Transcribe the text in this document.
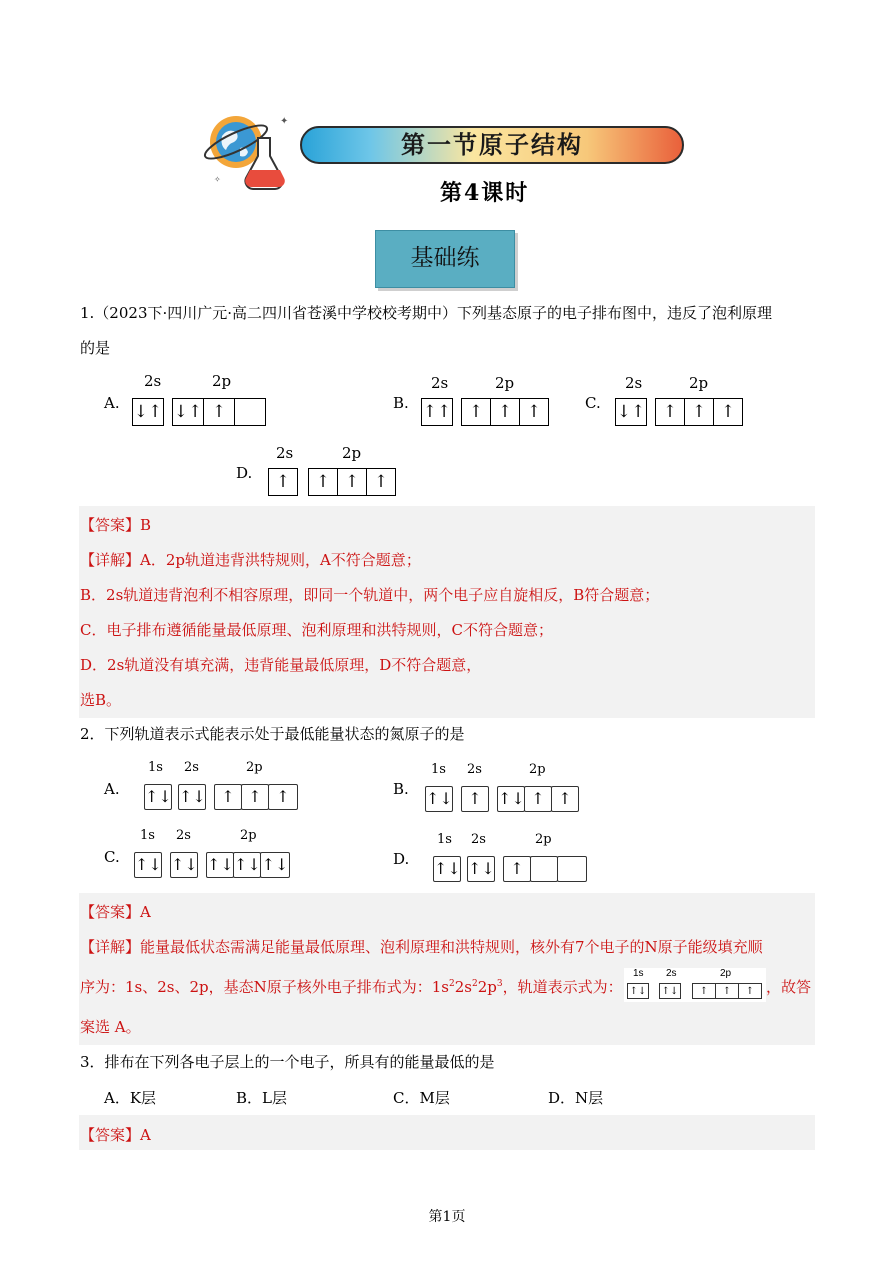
✦
✧
第一节原子结构
第4课时
基础练
1.（2023下·四川广元·高二四川省苍溪中学校校考期中）下列基态原子的电子排布图中，违反了泡利原理
的是
A.
2s	2p
↓↑ ↓↑ ↑	B.
2s	2p
↑↑	↑ ↑ ↑	C.
2s	2p
↓↑	↑ ↑ ↑
D.
2s	2p
↑	↑ ↑ ↑
【答案】B
【详解】A．2p轨道违背洪特规则，A不符合题意；
B．2s轨道违背泡利不相容原理，即同一个轨道中，两个电子应自旋相反，B符合题意；
C．电子排布遵循能量最低原理、泡利原理和洪特规则，C不符合题意；
D．2s轨道没有填充满，违背能量最低原理，D不符合题意，
选B。
2．下列轨道表示式能表示处于最低能量状态的氮原子的是
A.
1s 2s	2p
↑↓ ↑↓ ↑ ↑ ↑	B.
1s 2s	2p
↑↓ ↑	↑↓ ↑ ↑
C.
1s 2s	2p
↑↓ ↑↓ ↑↓ ↑↓ ↑↓	D.
1s 2s	2p
↑↓ ↑↓ ↑
【答案】A
【详解】能量最低状态需满足能量最低原理、泡利原理和洪特规则，核外有7个电子的N原子能级填充顺
序为：1s、2s、2p，基态N原子核外电子排布式为：$1s^22s^22p^3$，轨道表示式为：
1s 2s	2p
↑↓ ↑↓	↑	↑	↑ ，故答
案选 A。
3．排布在下列各电子层上的一个电子，所具有的能量最低的是
A．K层	B．L层	C．M层	D．N层
【答案】A
第1页
